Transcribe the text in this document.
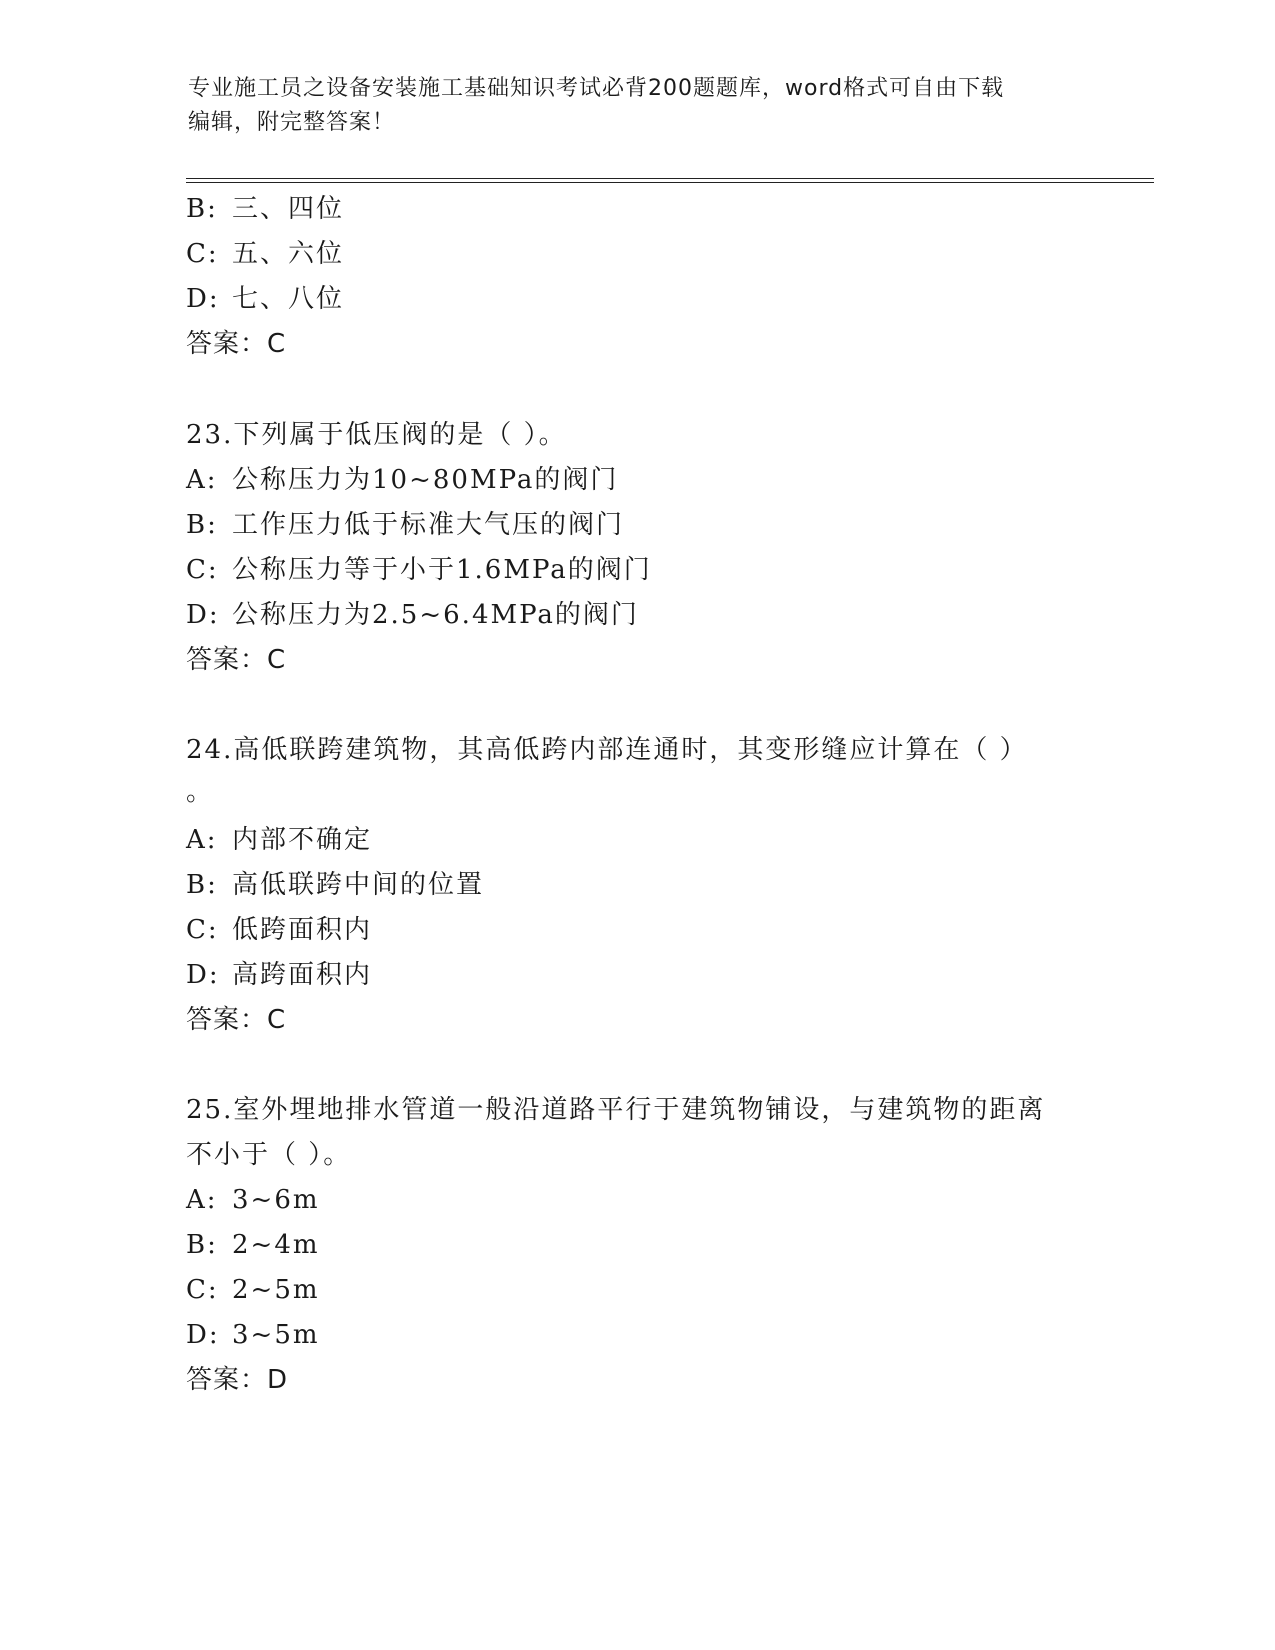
专业施工员之设备安装施工基础知识考试必背200题题库，word格式可自由下载
编辑，附完整答案！
B: 三、四位
C: 五、六位
D: 七、八位
答案：C
23.下列属于低压阀的是（ ）。
A: 公称压力为10~80MPa的阀门
B: 工作压力低于标准大气压的阀门
C: 公称压力等于小于1.6MPa的阀门
D: 公称压力为2.5~6.4MPa的阀门
答案：C
24.高低联跨建筑物，其高低跨内部连通时，其变形缝应计算在（ ）
。
A: 内部不确定
B: 高低联跨中间的位置
C: 低跨面积内
D: 高跨面积内
答案：C
25.室外埋地排水管道一般沿道路平行于建筑物铺设，与建筑物的距离
不小于（ ）。
A: 3~6m
B: 2~4m
C: 2~5m
D: 3~5m
答案：D
